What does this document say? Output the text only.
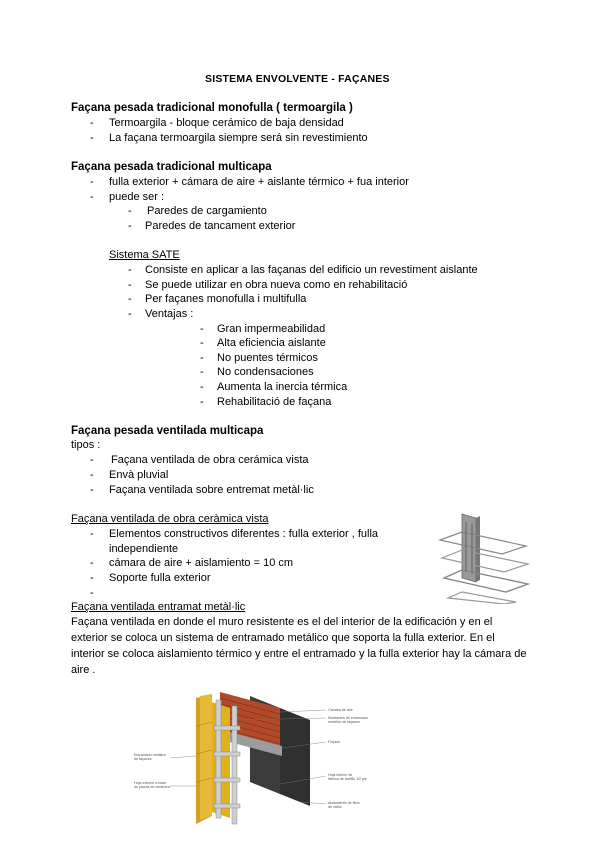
SISTEMA ENVOLVENTE - FAÇANES
Façana pesada tradicional monofulla ( termoargila )
- Termoargila - bloque cerámico de baja densidad
- La façana termoargila siempre será sin revestimiento
Façana pesada tradicional multicapa
- fulla exterior + cámara de aire + aislante térmico + fua interior
- puede ser :
- Paredes de cargamiento
- Paredes de tancament exterior
Sistema SATE
- Consiste en aplicar a las façanas del edificio un revestiment aislante
- Se puede utilizar en obra nueva como en rehabilitació
- Per façanes monofulla i multifulla
- Ventajas :
- Gran impermeabilidad
- Alta eficiencia aislante
- No puentes térmicos
- No condensaciones
- Aumenta la inercia térmica
- Rehabilitació de façana
Façana pesada ventilada multicapa
tipos :
- Façana ventilada de obra cerámica vista
- Envà pluvial
- Façana ventilada sobre entremat metàl·lic
Façana ventilada de obra ceràmica vista
- Elementos constructivos diferentes : fulla exterior , fulla
independiente
- cámara de aire + aislamiento = 10 cm
- Soporte fulla exterior
-
Façana ventilada entramat metàl·lic
Façana ventilada en donde el muro resistente es el del interior de la edificación y en el exterior se coloca un sistema de entramado metálico que soporta la fulla exterior. En el interior se coloca aislamiento térmico y entre el entramado y la fulla exterior hay la cámara de aire .
Cámara de aire
Montantes de entramado
metálico de façanes
Forjado
Hoja interior de
fábrica de ladrillo 1/2 pie
Aislamiento de fibra
de vidrio
Entramado metálico
de façanes
Hoja exterior a base
de placas de cerámica
